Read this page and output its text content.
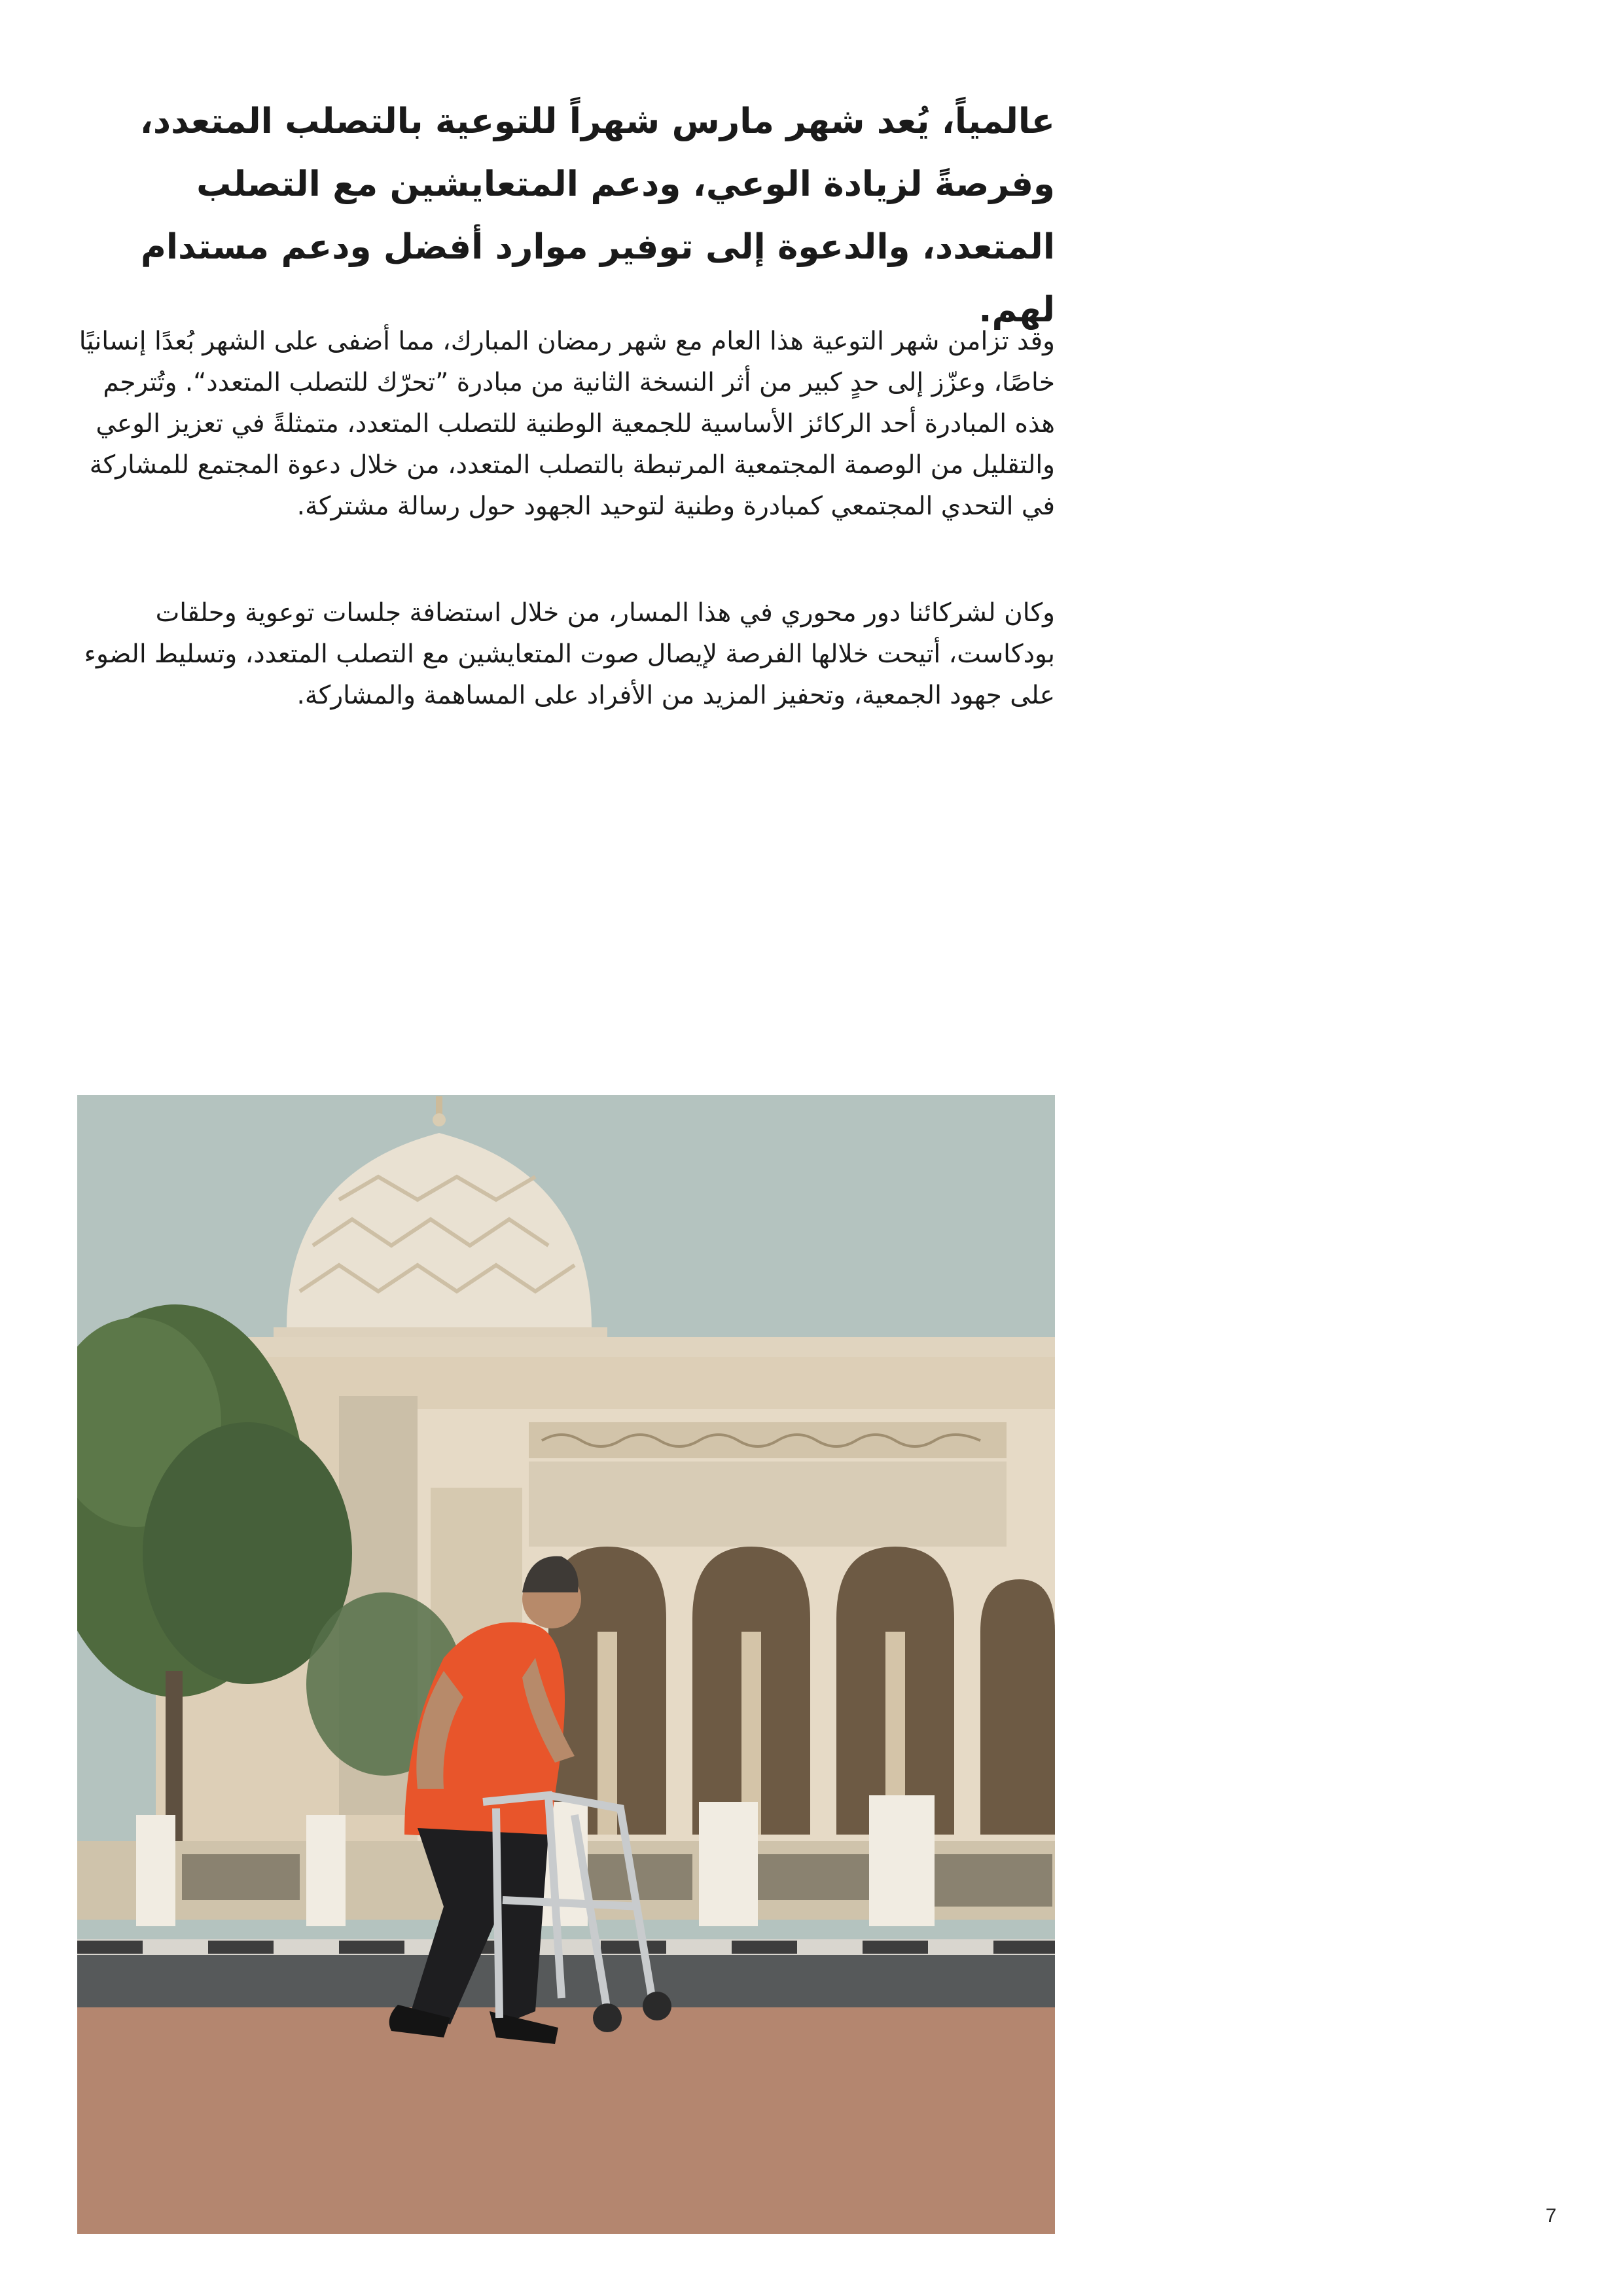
عالمياً، يُعد شهر مارس شهراً للتوعية بالتصلب المتعدد، وفرصةً لزيادة الوعي، ودعم المتعايشين مع التصلب المتعدد، والدعوة إلى توفير موارد أفضل ودعم مستدام لهم.

وقد تزامن شهر التوعية هذا العام مع شهر رمضان المبارك، مما أضفى على الشهر بُعدًا إنسانيًا خاصًا، وعزّز إلى حدٍ كبير من أثر النسخة الثانية من مبادرة ”تحرّك للتصلب المتعدد“. وتُترجم هذه المبادرة أحد الركائز الأساسية للجمعية الوطنية للتصلب المتعدد، متمثلةً في تعزيز الوعي والتقليل من الوصمة المجتمعية المرتبطة بالتصلب المتعدد، من خلال دعوة المجتمع للمشاركة في التحدي المجتمعي كمبادرة وطنية لتوحيد الجهود حول رسالة مشتركة.

وكان لشركائنا دور محوري في هذا المسار، من خلال استضافة جلسات توعوية وحلقات بودكاست، أتيحت خلالها الفرصة لإيصال صوت المتعايشين مع التصلب المتعدد، وتسليط الضوء على جهود الجمعية، وتحفيز المزيد من الأفراد على المساهمة والمشاركة.

7
